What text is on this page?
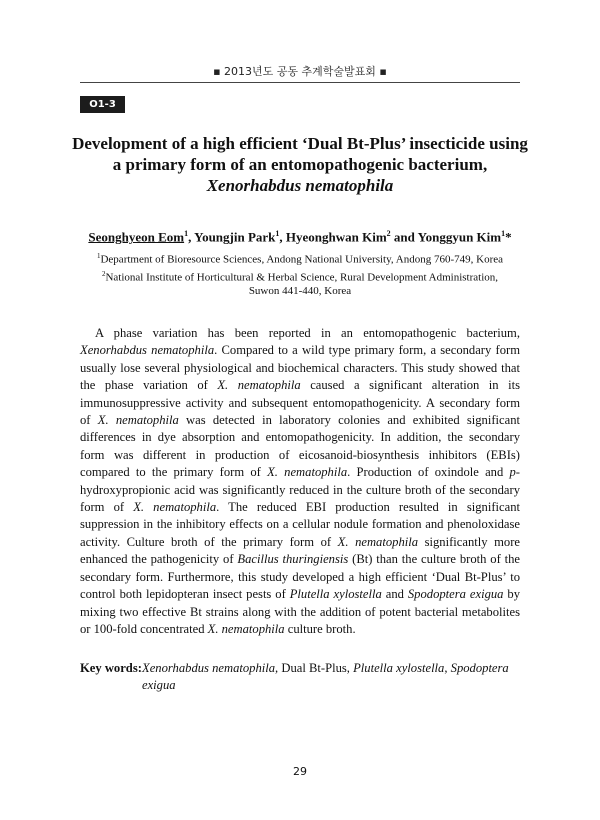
▪ 2013년도 공동 추계학술발표회 ▪
O1-3
Development of a high efficient ‘Dual Bt-Plus’ insecticide using
a primary form of an entomopathogenic bacterium,
Xenorhabdus nematophila
Seonghyeon Eom$^1$, Youngjin Park$^1$, Hyeonghwan Kim$^2$ and Yonggyun Kim$^1$*
$^1$Department of Bioresource Sciences, Andong National University, Andong 760-749, Korea
$^2$National Institute of Horticultural & Herbal Science, Rural Development Administration,
Suwon 441-440, Korea

A phase variation has been reported in an entomopathogenic bacterium, Xenorhabdus nematophila. Compared to a wild type primary form, a secondary form usually lose several physiological and biochemical characters. This study showed that the phase variation of X. nematophila caused a significant alteration in its immunosuppressive activity and subsequent entomopathogenicity. A secondary form of X. nematophila was detected in laboratory colonies and exhibited significant differences in dye absorption and entomopathogenicity. In addition, the secondary form was different in production of eicosanoid-biosynthesis inhibitors (EBIs) compared to the primary form of X. nematophila. Production of oxindole and p-hydroxypropionic acid was significantly reduced in the culture broth of the secondary form of X. nematophila. The reduced EBI production resulted in significant suppression in the inhibitory effects on a cellular nodule formation and phenoloxidase activity. Culture broth of the primary form of X. nematophila significantly more enhanced the pathogenicity of Bacillus thuringiensis (Bt) than the culture broth of the secondary form. Furthermore, this study developed a high efficient ‘Dual Bt-Plus’ to control both lepidopteran insect pests of Plutella xylostella and Spodoptera exigua by mixing two effective Bt strains along with the addition of potent bacterial metabolites or 100-fold concentrated X. nematophila culture broth.

Key words: Xenorhabdus nematophila, Dual Bt-Plus, Plutella xylostella, Spodoptera exigua
29
